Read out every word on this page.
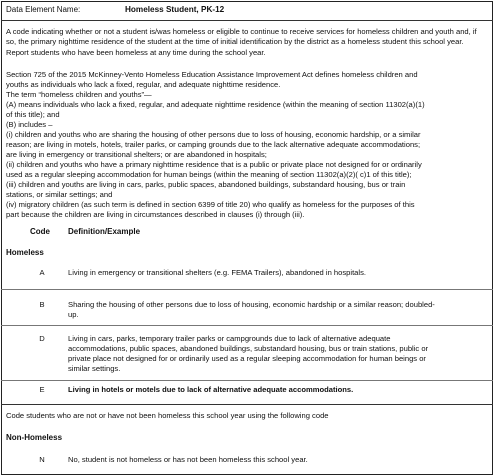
Data Element Name:	Homeless Student, PK-12
A code indicating whether or not a student is/was homeless or eligible to continue to receive services for homeless children and youth and, if so, the primary nighttime residence of the student at the time of initial identification by the district as a homeless student this school year. Report students who have been homeless at any time during the school year.

Section 725 of the 2015 McKinney-Vento Homeless Education Assistance Improvement Act defines homeless children and

youths as individuals who lack a fixed, regular, and adequate nighttime residence.

The term “homeless children and youths”—

(A) means individuals who lack a fixed, regular, and adequate nighttime residence (within the meaning of section 11302(a)(1)

of this title); and

(B) includes –

(i) children and youths who are sharing the housing of other persons due to loss of housing, economic hardship, or a similar

reason; are living in motels, hotels, trailer parks, or camping grounds due to the lack alternative adequate accommodations;

are living in emergency or transitional shelters; or are abandoned in hospitals;

(ii) children and youths who have a primary nighttime residence that is a public or private place not designed for or ordinarily

used as a regular sleeping accommodation for human beings (within the meaning of section 11302(a)(2)( c)1 of this title);

(iii) children and youths are living in cars, parks, public spaces, abandoned buildings, substandard housing, bus or train

stations, or similar settings; and

(iv) migratory children (as such term is defined in section 6399 of title 20) who qualify as homeless for the purposes of this

part because the children are living in circumstances described in clauses (i) through (iii).

Code	Definition/Example
Homeless
A	Living in emergency or transitional shelters (e.g. FEMA Trailers), abandoned in hospitals.

B	Sharing the housing of other persons due to loss of housing, economic hardship or a similar reason; doubled-

up.

D	Living in cars, parks, temporary trailer parks or campgrounds due to lack of alternative adequate

accommodations, public spaces, abandoned buildings, substandard housing, bus or train stations, public or

private place not designed for or ordinarily used as a regular sleeping accommodation for human beings or

similar settings.

E	Living in hotels or motels due to lack of alternative adequate accommodations.

Code students who are not or have not been homeless this school year using the following code
Non-Homeless
N	No, student is not homeless or has not been homeless this school year.
